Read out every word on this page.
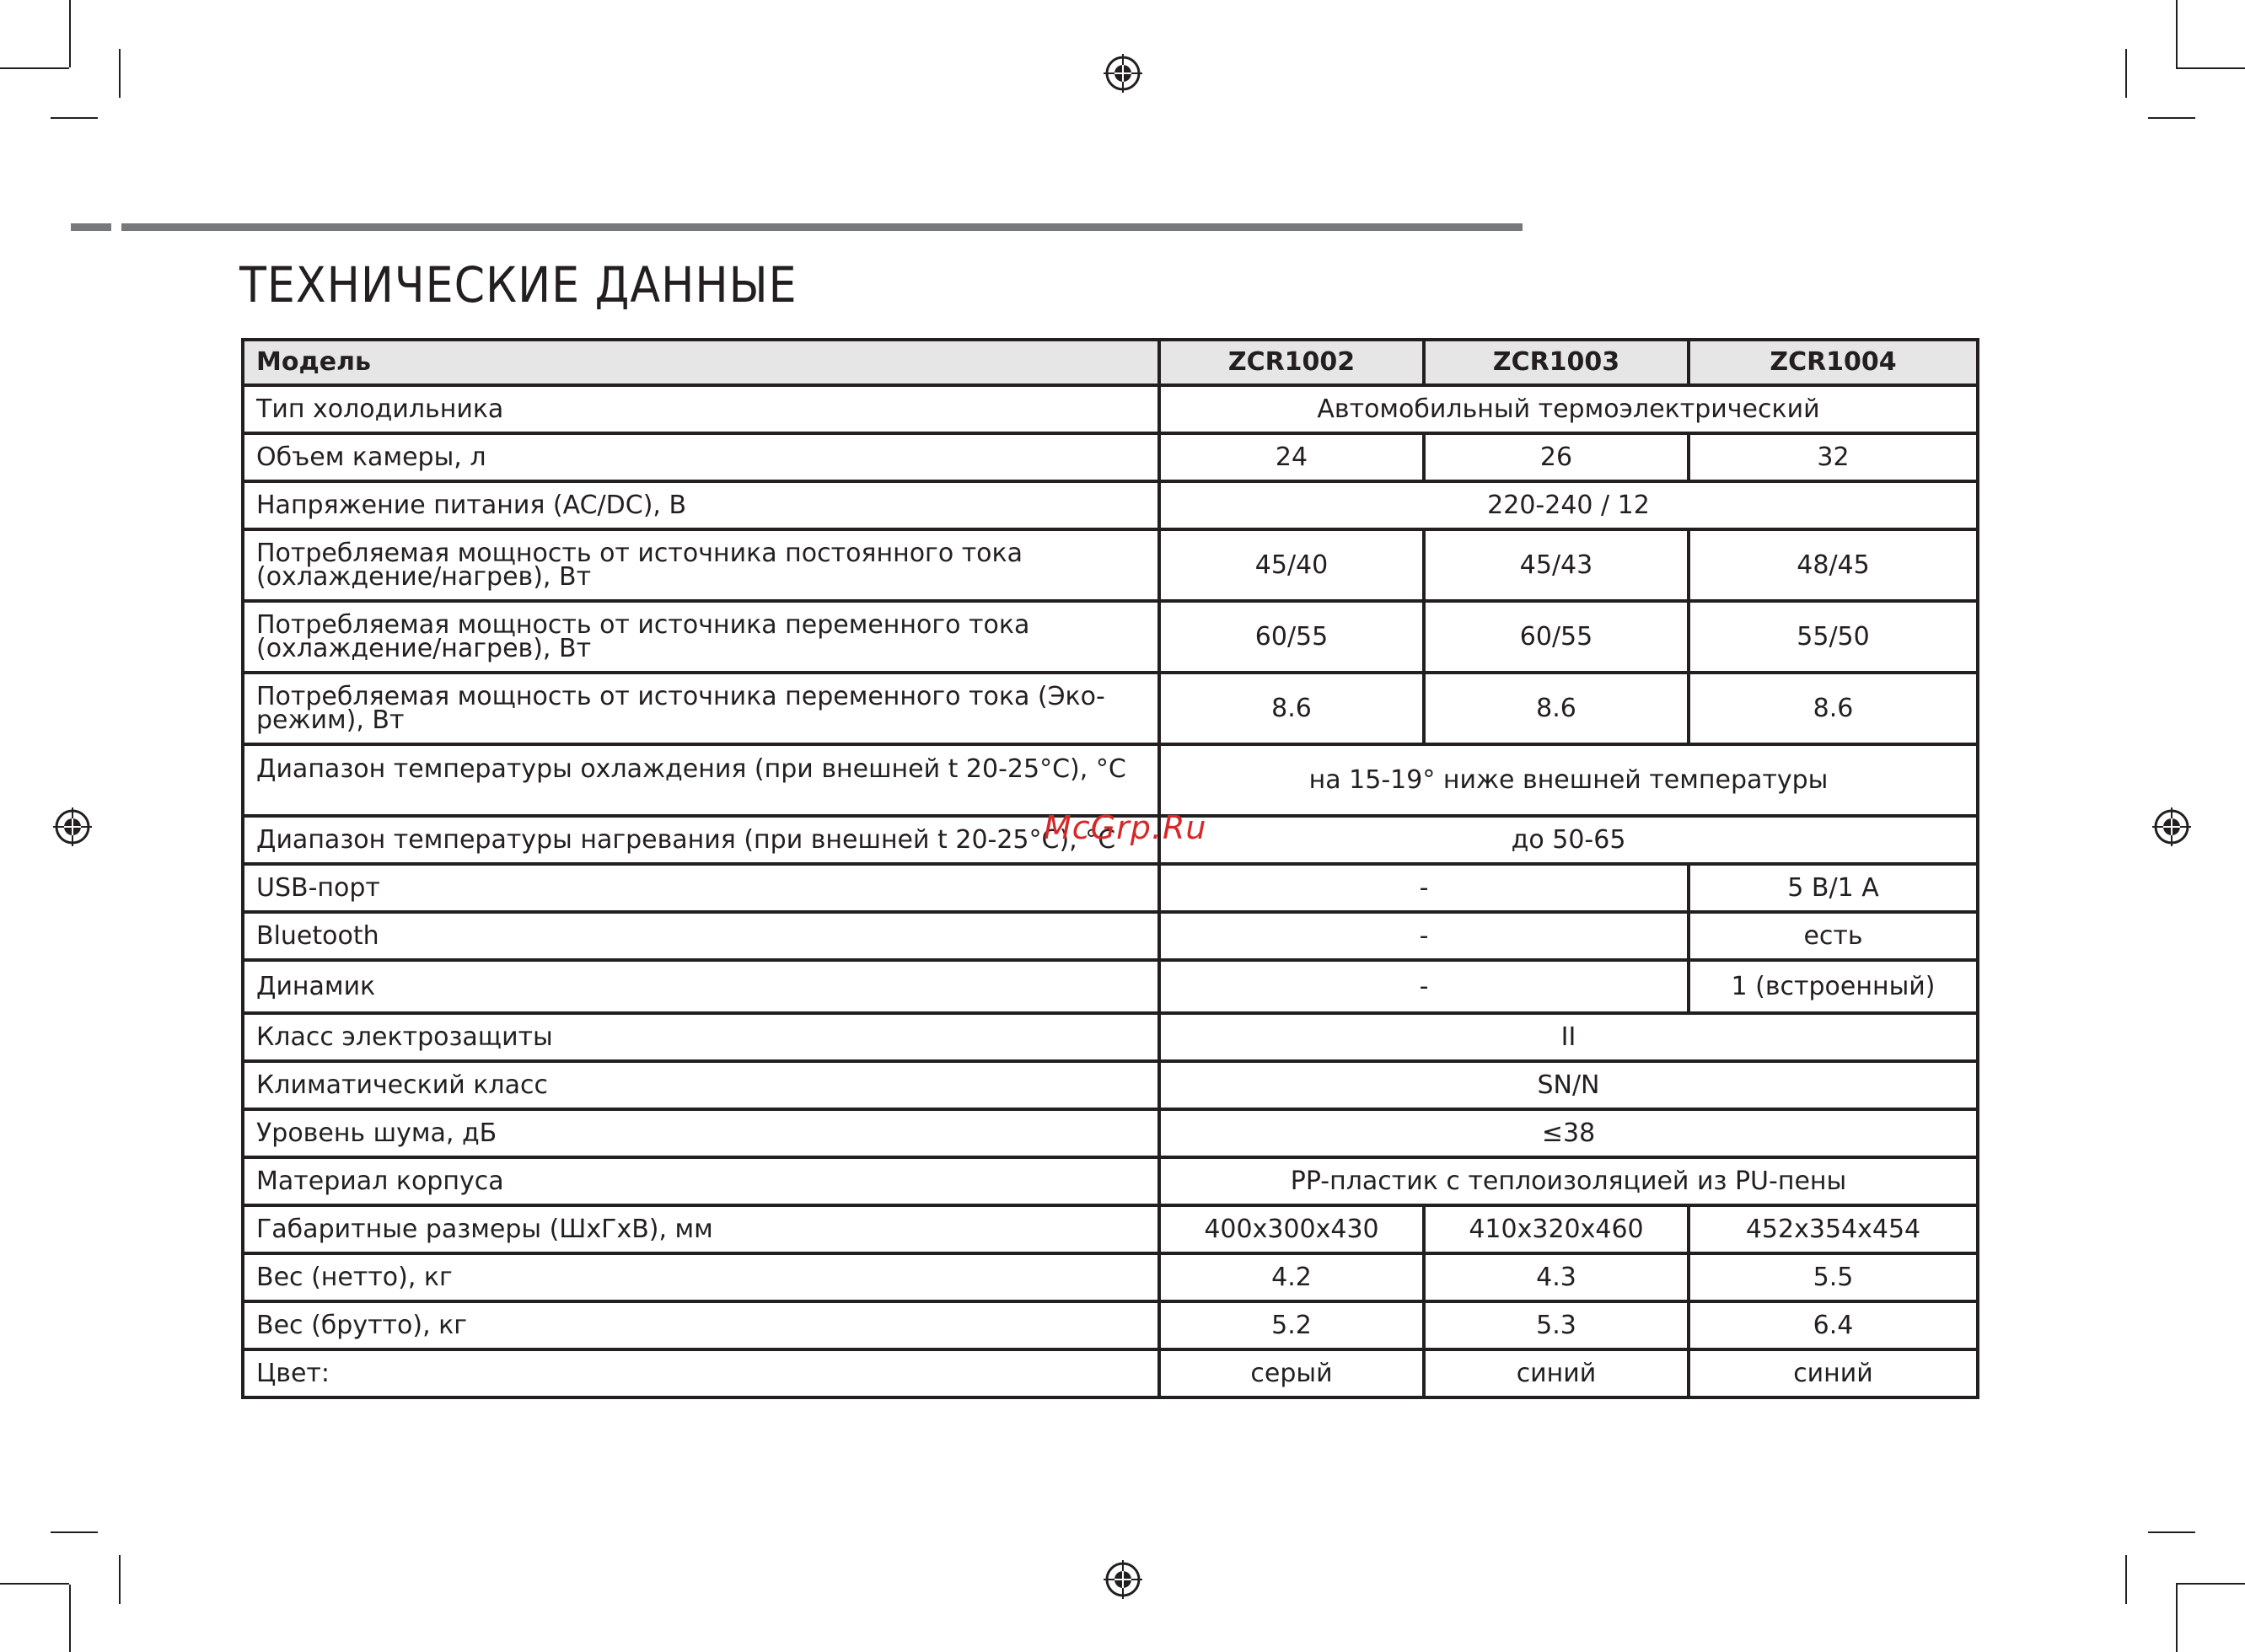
ТЕХНИЧЕСКИЕ ДАННЫЕ
Модель	ZCR1002	ZCR1003	ZCR1004
Тип холодильника	Автомобильный термоэлектрический		
Объем камеры, л	24	26	32
Напряжение питания (AC/DC), В	220-240 / 12		
Потребляемая мощность от источника постоянного тока (охлаждение/нагрев), Вт	45/40	45/43	48/45
Потребляемая мощность от источника переменного тока (охлаждение/нагрев), Вт	60/55	60/55	55/50
Потребляемая мощность от источника переменного тока (Эко-режим), Вт	8.6	8.6	8.6
Диапазон температуры охлаждения (при внешней t 20-25°С), °С	на 15-19° ниже внешней температуры		
Диапазон температуры нагревания (при внешней t 20-25°С), °С	до 50-65		
USB-порт	-		5 В/1 А
Bluetooth	-		есть
Динамик	-		1 (встроенный)
Класс электрозащиты	II		
Климатический класс	SN/N		
Уровень шума, дБ	≤38		
Материал корпуса	PP-пластик с теплоизоляцией из PU-пены		
Габаритные размеры (ШхГхВ), мм	400x300x430	410x320x460	452x354x454
Вес (нетто), кг	4.2	4.3	5.5
Вес (брутто), кг	5.2	5.3	6.4
Цвет:	серый	синий	синий
McGrp.Ru
